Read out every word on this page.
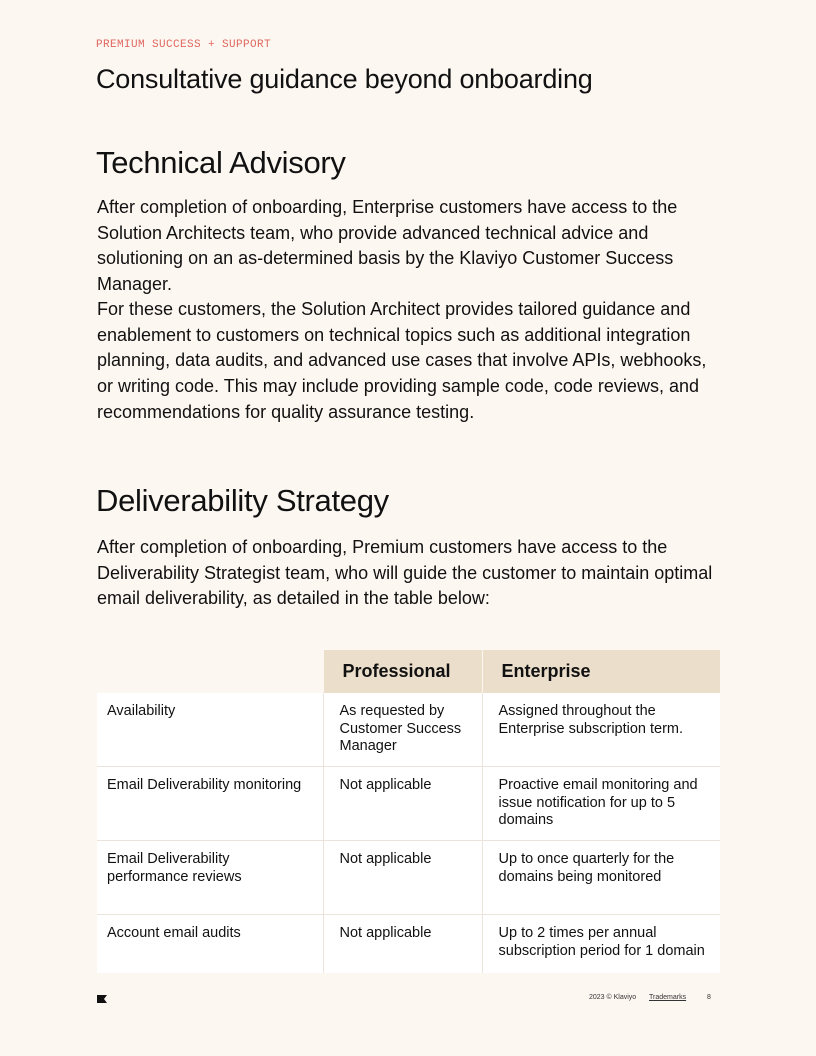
PREMIUM SUCCESS + SUPPORT
Consultative guidance beyond onboarding
Technical Advisory

After completion of onboarding, Enterprise customers have access to the Solution Architects team, who provide advanced technical advice and solutioning on an as-determined basis by the Klaviyo Customer Success Manager.

For these customers, the Solution Architect provides tailored guidance and enablement to customers on technical topics such as additional integration planning, data audits, and advanced use cases that involve APIs, webhooks, or writing code. This may include providing sample code, code reviews, and recommendations for quality assurance testing.

Deliverability Strategy

After completion of onboarding, Premium customers have access to the Deliverability Strategist team, who will guide the customer to maintain optimal email deliverability, as detailed in the table below:

	Professional	Enterprise
Availability	As requested by Customer Success Manager	Assigned throughout the Enterprise subscription term.
Email Deliverability monitoring	Not applicable	Proactive email monitoring and issue notification for up to 5 domains
Email Deliverability performance reviews	Not applicable	Up to once quarterly for the domains being monitored
Account email audits	Not applicable	Up to 2 times per annual subscription period for 1 domain
2023 © Klaviyo Trademarks	8
